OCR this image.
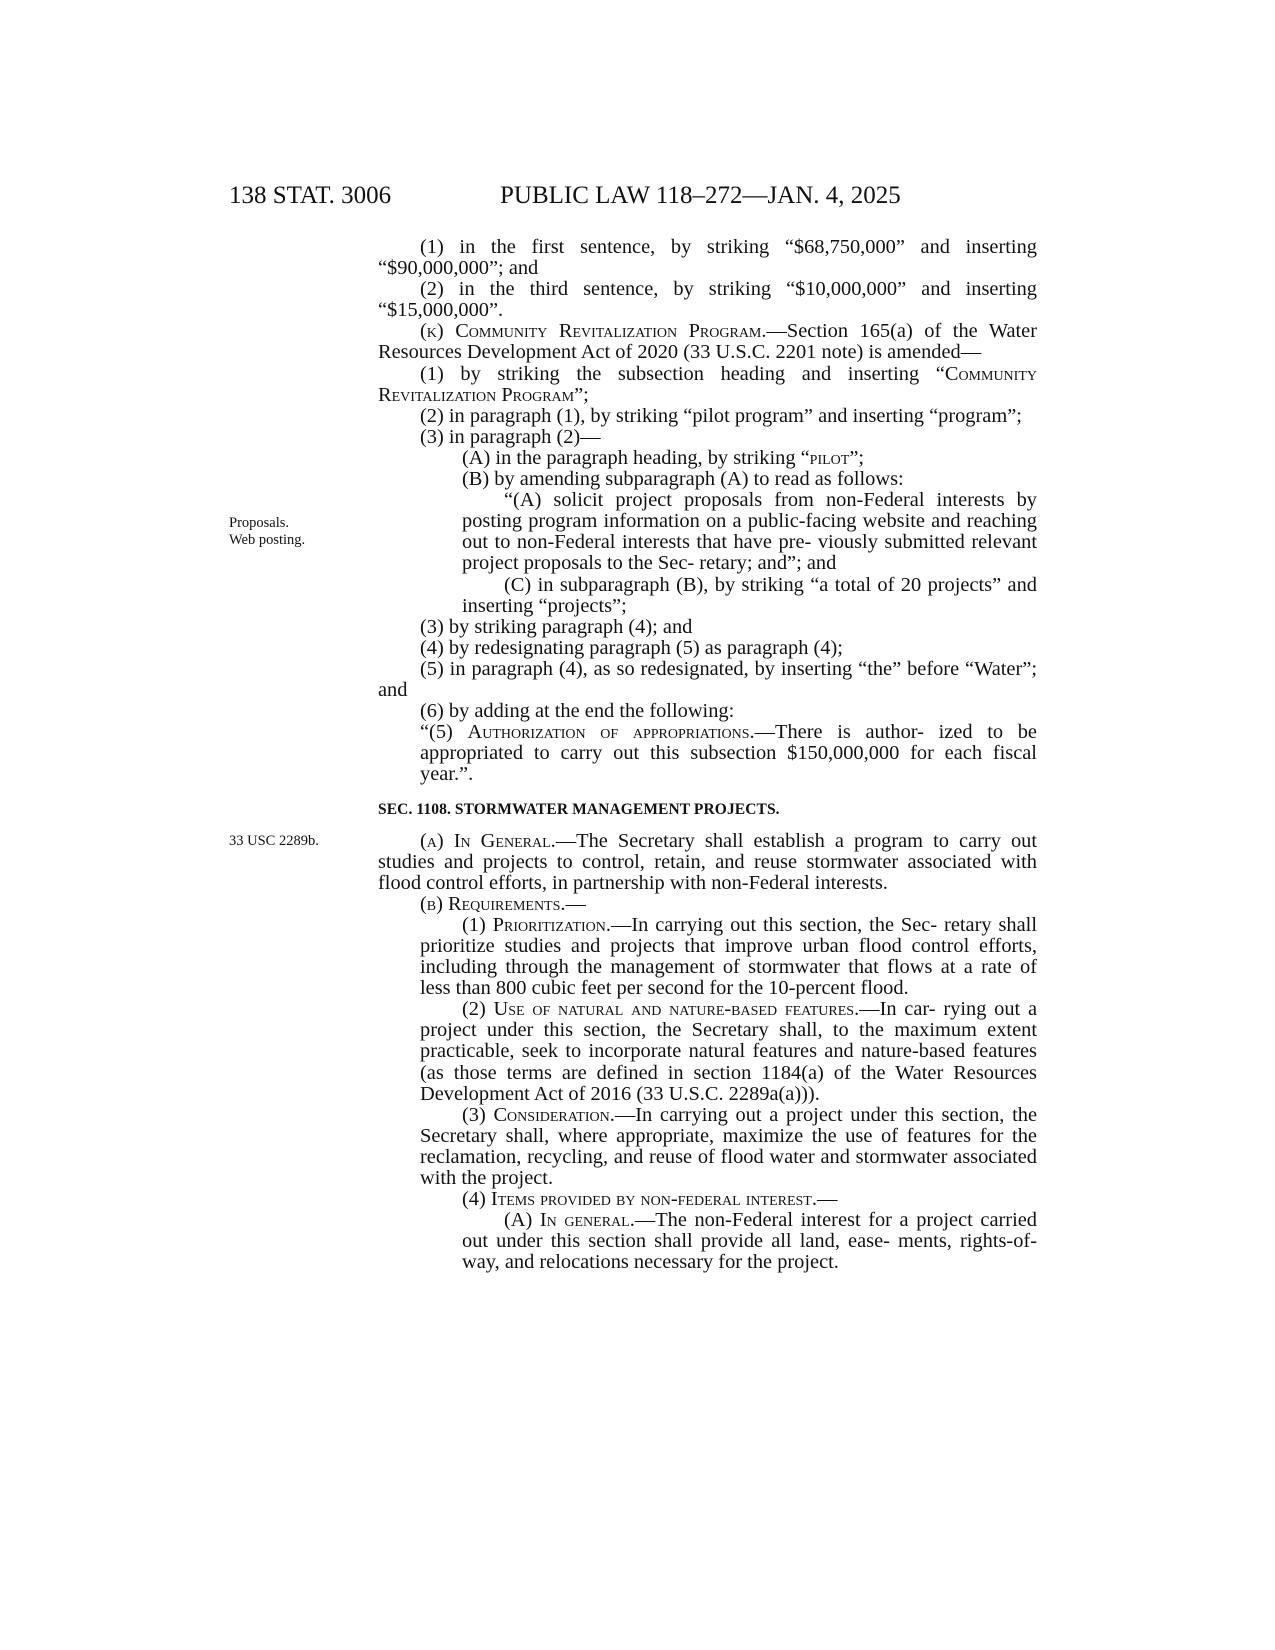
138 STAT. 3006	PUBLIC LAW 118–272—JAN. 4, 2025
Proposals.
Web posting.
33 USC 2289b.

(1) in the first sentence, by striking “$68,750,000” and inserting “$90,000,000”; and

(2) in the third sentence, by striking “$10,000,000” and inserting “$15,000,000”.

(k) Community Revitalization Program.—Section 165(a) of the Water Resources Development Act of 2020 (33 U.S.C. 2201 note) is amended—

(1) by striking the subsection heading and inserting “Community Revitalization Program”;

(2) in paragraph (1), by striking “pilot program” and inserting “program”;

(3) in paragraph (2)—

(A) in the paragraph heading, by striking “pilot”;

(B) by amending subparagraph (A) to read as follows:

“(A) solicit project proposals from non-Federal interests by posting program information on a public-facing website and reaching out to non-Federal interests that have pre- viously submitted relevant project proposals to the Sec- retary; and”; and

(C) in subparagraph (B), by striking “a total of 20 projects” and inserting “projects”;

(3) by striking paragraph (4); and

(4) by redesignating paragraph (5) as paragraph (4);

(5) in paragraph (4), as so redesignated, by inserting “the” before “Water”; and

(6) by adding at the end the following:

“(5) Authorization of appropriations.—There is author- ized to be appropriated to carry out this subsection $150,000,000 for each fiscal year.”.

SEC. 1108. STORMWATER MANAGEMENT PROJECTS.

(a) In General.—The Secretary shall establish a program to carry out studies and projects to control, retain, and reuse stormwater associated with flood control efforts, in partnership with non-Federal interests.

(b) Requirements.—

(1) Prioritization.—In carrying out this section, the Sec- retary shall prioritize studies and projects that improve urban flood control efforts, including through the management of stormwater that flows at a rate of less than 800 cubic feet per second for the 10-percent flood.

(2) Use of natural and nature-based features.—In car- rying out a project under this section, the Secretary shall, to the maximum extent practicable, seek to incorporate natural features and nature-based features (as those terms are defined in section 1184(a) of the Water Resources Development Act of 2016 (33 U.S.C. 2289a(a))).

(3) Consideration.—In carrying out a project under this section, the Secretary shall, where appropriate, maximize the use of features for the reclamation, recycling, and reuse of flood water and stormwater associated with the project.

(4) Items provided by non-federal interest.—

(A) In general.—The non-Federal interest for a project carried out under this section shall provide all land, ease- ments, rights-of-way, and relocations necessary for the project.
